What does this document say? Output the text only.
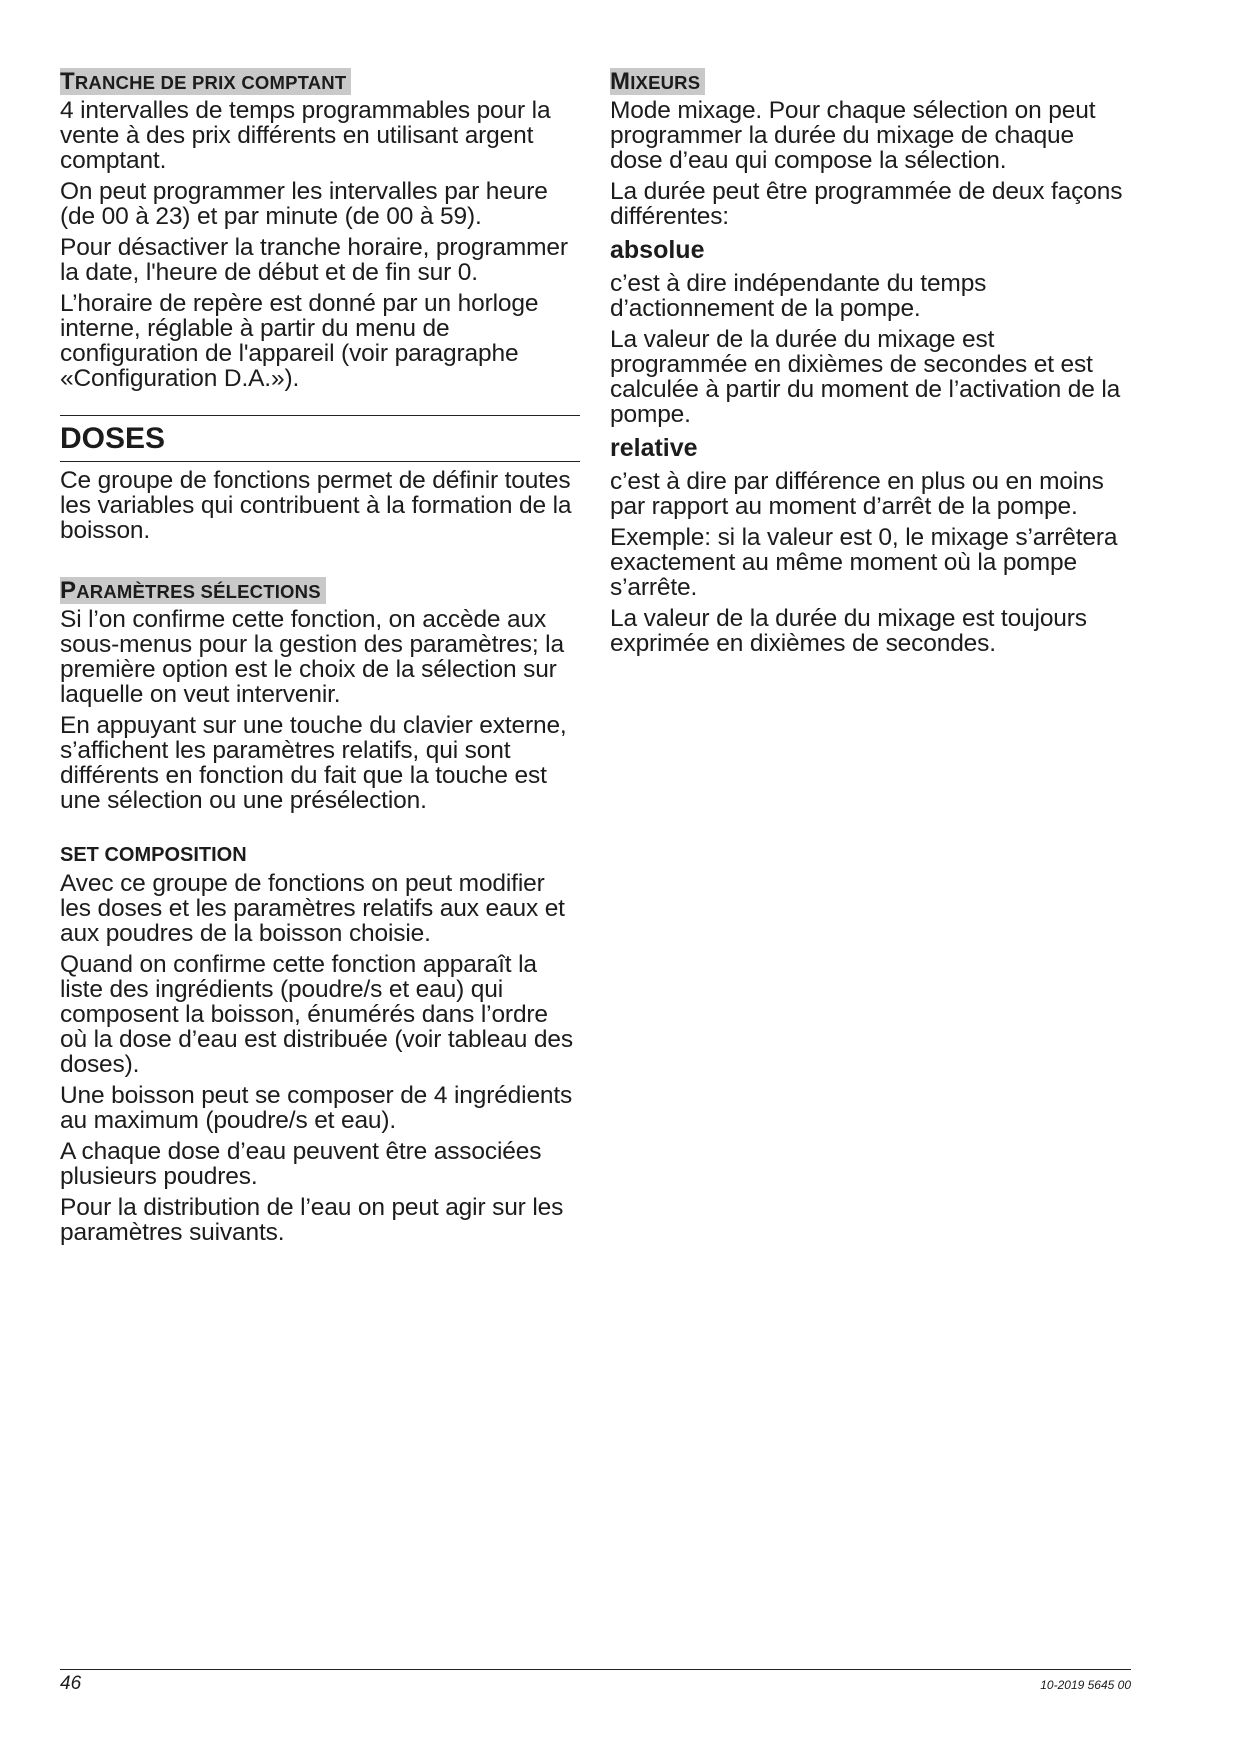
TRANCHE DE PRIX COMPTANT

4 intervalles de temps programmables pour la vente à des prix différents en utilisant argent comptant.

On peut programmer les intervalles par heure (de 00 à 23) et par minute (de 00 à 59).

Pour désactiver la tranche horaire, programmer la date, l'heure de début et de fin sur 0.

L’horaire de repère est donné par un horloge interne, réglable à partir du menu de configuration de l'appareil (voir paragraphe «Configuration D.A.»).

DOSES

Ce groupe de fonctions permet de définir toutes les variables qui contribuent à la formation de la boisson.

PARAMÈTRES SÉLECTIONS

Si l’on confirme cette fonction, on accède aux sous-menus pour la gestion des paramètres; la première option est le choix de la sélection sur laquelle on veut intervenir.

En appuyant sur une touche du clavier externe, s’affichent les paramètres relatifs, qui sont différents en fonction du fait que la touche est une sélection ou une présélection.

SET COMPOSITION

Avec ce groupe de fonctions on peut modifier les doses et les paramètres relatifs aux eaux et aux poudres de la boisson choisie.

Quand on confirme cette fonction apparaît la liste des ingrédients (poudre/s et eau) qui composent la boisson, énumérés dans l’ordre où la dose d’eau est distribuée (voir tableau des doses).

Une boisson peut se composer de 4 ingrédients au maximum (poudre/s et eau).

A chaque dose d’eau peuvent être associées plusieurs poudres.

Pour la distribution de l’eau on peut agir sur les paramètres suivants.

MIXEURS

Mode mixage. Pour chaque sélection on peut programmer la durée du mixage de chaque dose d’eau qui compose la sélection.

La durée peut être programmée de deux façons différentes:

absolue

c’est à dire indépendante du temps d’actionnement de la pompe.

La valeur de la durée du mixage est programmée en dixièmes de secondes et est calculée à partir du moment de l’activation de la pompe.

relative

c’est à dire par différence en plus ou en moins par rapport au moment d’arrêt de la pompe.

Exemple: si la valeur est 0, le mixage s’arrêtera exactement au même moment où la pompe s’arrête.

La valeur de la durée du mixage est toujours exprimée en dixièmes de secondes.

46	10-2019 5645 00
